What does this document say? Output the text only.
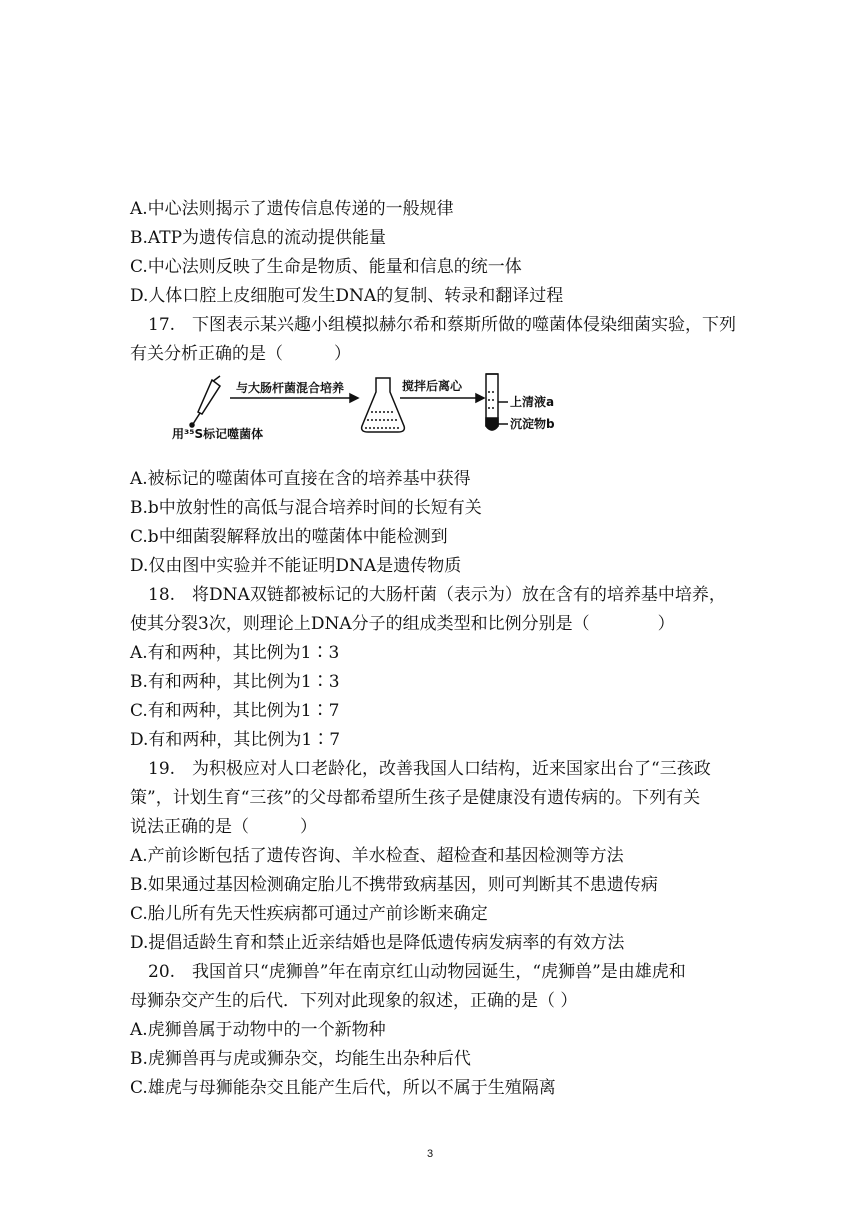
A.中心法则揭示了遗传信息传递的一般规律
B.ATP为遗传信息的流动提供能量
C.中心法则反映了生命是物质、能量和信息的统一体
D.人体口腔上皮细胞可发生DNA的复制、转录和翻译过程
17.　下图表示某兴趣小组模拟赫尔希和蔡斯所做的噬菌体侵染细菌实验，下列
有关分析正确的是（　　　）
用³⁵S标记噬菌体
与大肠杆菌混合培养	搅拌后离心
上清液a
沉淀物b
A.被标记的噬菌体可直接在含的培养基中获得
B.b中放射性的高低与混合培养时间的长短有关
C.b中细菌裂解释放出的噬菌体中能检测到
D.仅由图中实验并不能证明DNA是遗传物质
18.　将DNA双链都被标记的大肠杆菌（表示为）放在含有的培养基中培养，
使其分裂3次，则理论上DNA分子的组成类型和比例分别是（　　　　）
A.有和两种，其比例为1∶3
B.有和两种，其比例为1∶3
C.有和两种，其比例为1∶7
D.有和两种，其比例为1∶7
19.　为积极应对人口老龄化，改善我国人口结构，近来国家出台了“三孩政
策”，计划生育“三孩”的父母都希望所生孩子是健康没有遗传病的。下列有关
说法正确的是（　　　）
A.产前诊断包括了遗传咨询、羊水检查、超检查和基因检测等方法
B.如果通过基因检测确定胎儿不携带致病基因，则可判断其不患遗传病
C.胎儿所有先天性疾病都可通过产前诊断来确定
D.提倡适龄生育和禁止近亲结婚也是降低遗传病发病率的有效方法
20.　我国首只“虎狮兽”年在南京红山动物园诞生，“虎狮兽”是由雄虎和
母狮杂交产生的后代．下列对此现象的叙述，正确的是（ ）
A.虎狮兽属于动物中的一个新物种
B.虎狮兽再与虎或狮杂交，均能生出杂种后代
C.雄虎与母狮能杂交且能产生后代，所以不属于生殖隔离
3
